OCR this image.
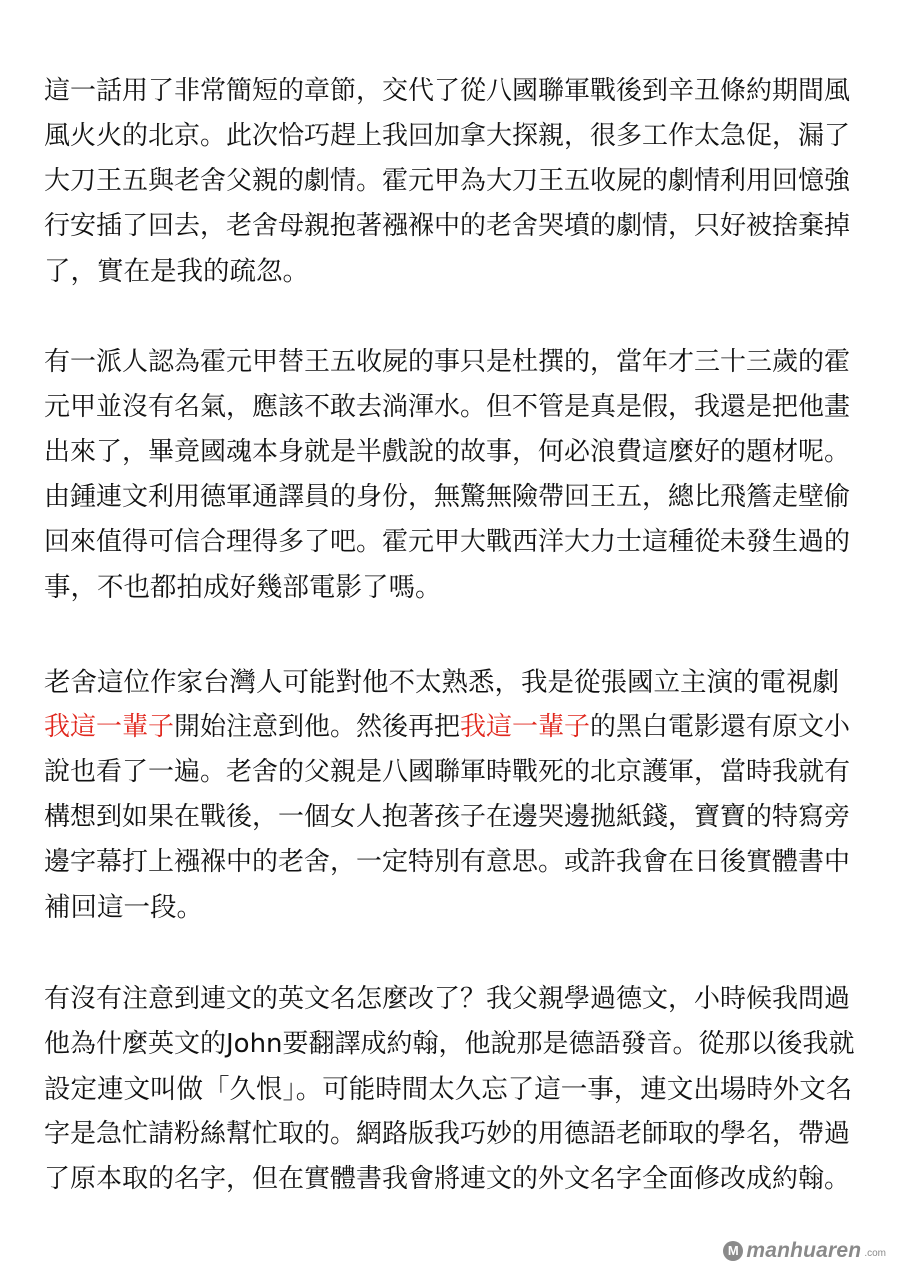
這一話用了非常簡短的章節，交代了從八國聯軍戰後到辛丑條約期間風
風火火的北京。此次恰巧趕上我回加拿大探親，很多工作太急促，漏了
大刀王五與老舍父親的劇情。霍元甲為大刀王五收屍的劇情利用回憶強
行安插了回去，老舍母親抱著襁褓中的老舍哭墳的劇情，只好被捨棄掉
了，實在是我的疏忽。

有一派人認為霍元甲替王五收屍的事只是杜撰的，當年才三十三歲的霍
元甲並沒有名氣，應該不敢去淌渾水。但不管是真是假，我還是把他畫
出來了，畢竟國魂本身就是半戲說的故事，何必浪費這麼好的題材呢。
由鍾連文利用德軍通譯員的身份，無驚無險帶回王五，總比飛簷走壁偷
回來值得可信合理得多了吧。霍元甲大戰西洋大力士這種從未發生過的
事，不也都拍成好幾部電影了嗎。

老舍這位作家台灣人可能對他不太熟悉，我是從張國立主演的電視劇
我這一輩子開始注意到他。然後再把我這一輩子的黑白電影還有原文小
說也看了一遍。老舍的父親是八國聯軍時戰死的北京護軍，當時我就有
構想到如果在戰後，一個女人抱著孩子在邊哭邊拋紙錢，寶寶的特寫旁
邊字幕打上襁褓中的老舍，一定特別有意思。或許我會在日後實體書中
補回這一段。

有沒有注意到連文的英文名怎麼改了？我父親學過德文，小時候我問過
他為什麼英文的John要翻譯成約翰，他說那是德語發音。從那以後我就
設定連文叫做「久恨」。可能時間太久忘了這一事，連文出場時外文名
字是急忙請粉絲幫忙取的。網路版我巧妙的用德語老師取的學名，帶過
了原本取的名字，但在實體書我會將連文的外文名字全面修改成約翰。

M manhuaren .com
